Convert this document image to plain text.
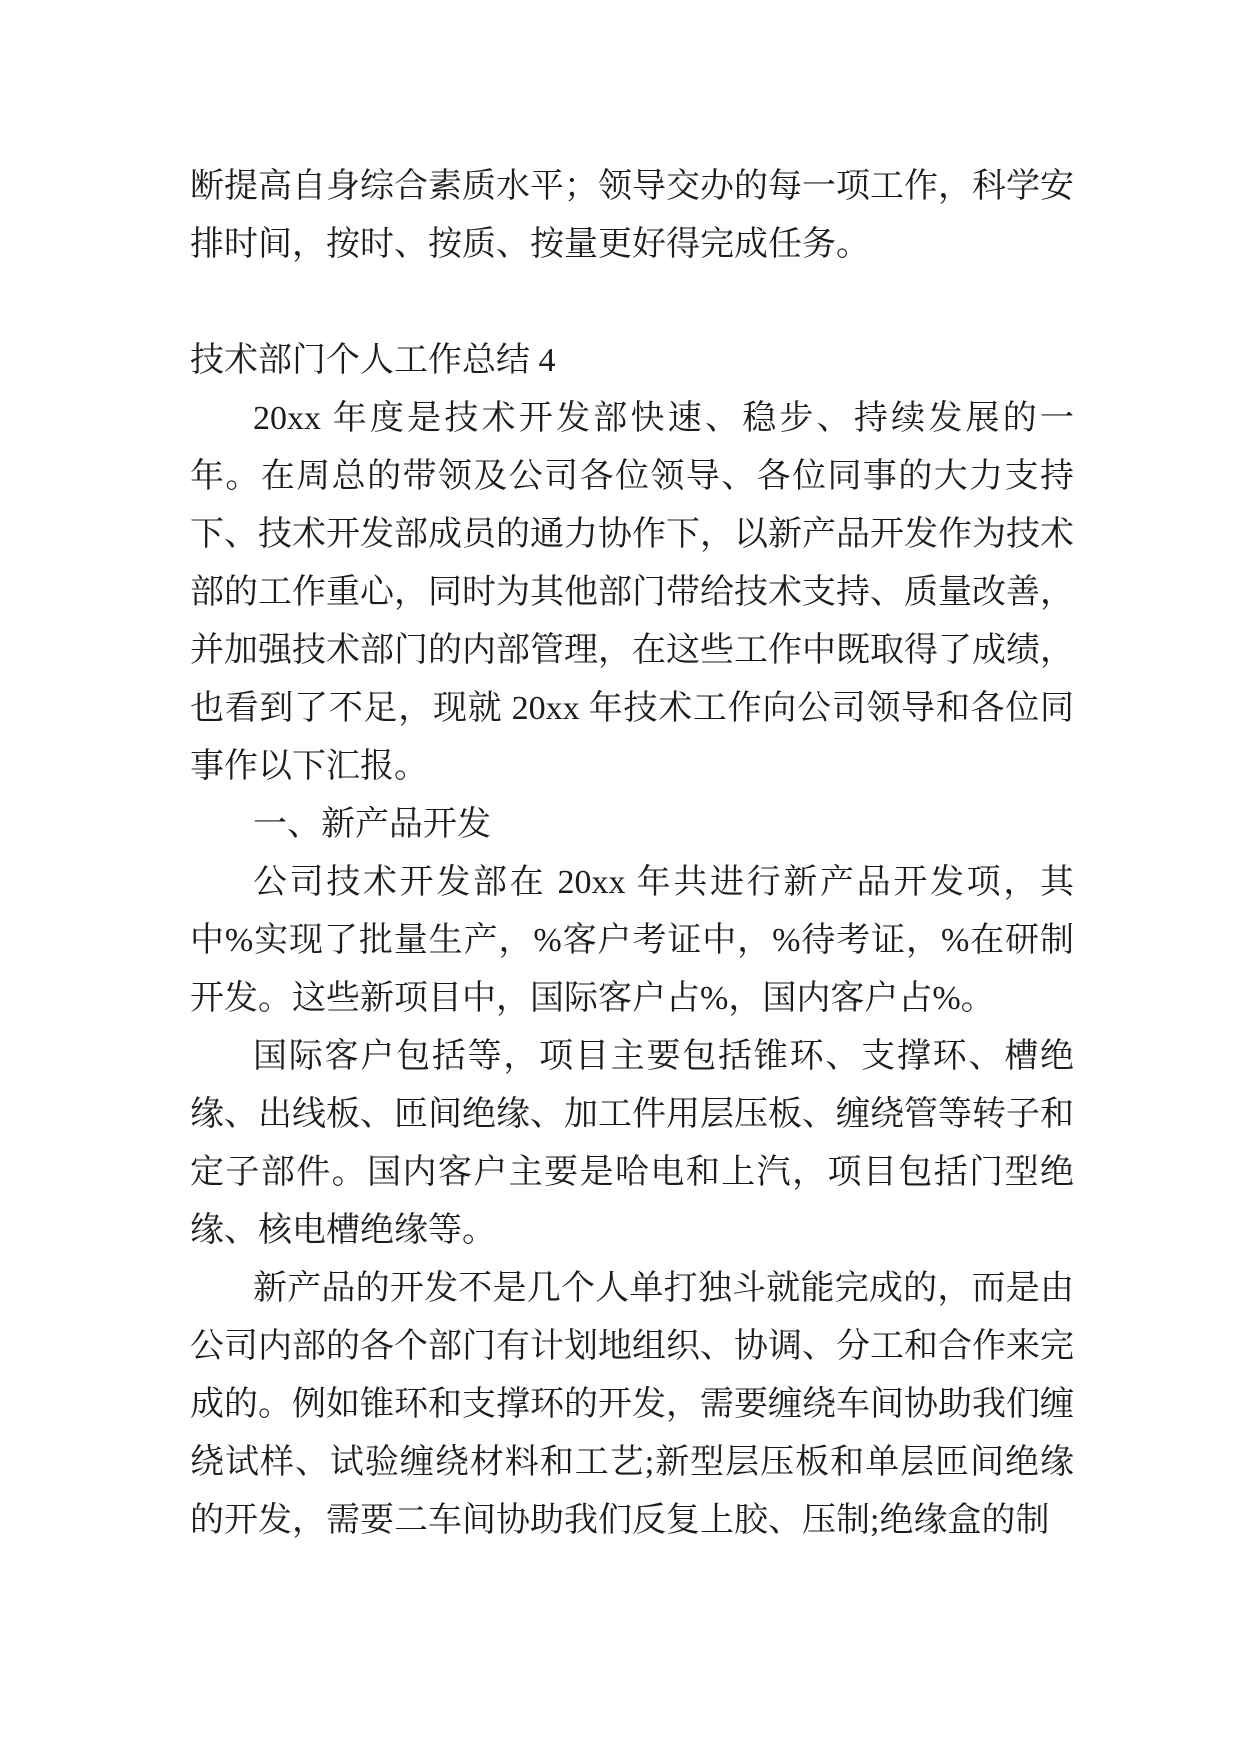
断提高自身综合素质水平；领导交办的每一项工作，科学安排时间，按时、按质、按量更好得完成任务。

技术部门个人工作总结 4

20xx 年度是技术开发部快速、稳步、持续发展的一年。在周总的带领及公司各位领导、各位同事的大力支持下、技术开发部成员的通力协作下，以新产品开发作为技术部的工作重心，同时为其他部门带给技术支持、质量改善，并加强技术部门的内部管理，在这些工作中既取得了成绩，也看到了不足，现就 20xx 年技术工作向公司领导和各位同事作以下汇报。

一、新产品开发

公司技术开发部在 20xx 年共进行新产品开发项，其中%实现了批量生产，%客户考证中，%待考证，%在研制开发。这些新项目中，国际客户占%，国内客户占%。

国际客户包括等，项目主要包括锥环、支撑环、槽绝缘、出线板、匝间绝缘、加工件用层压板、缠绕管等转子和定子部件。国内客户主要是哈电和上汽，项目包括门型绝缘、核电槽绝缘等。

新产品的开发不是几个人单打独斗就能完成的，而是由公司内部的各个部门有计划地组织、协调、分工和合作来完成的。例如锥环和支撑环的开发，需要缠绕车间协助我们缠绕试样、试验缠绕材料和工艺;新型层压板和单层匝间绝缘的开发，需要二车间协助我们反复上胶、压制;绝缘盒的制
